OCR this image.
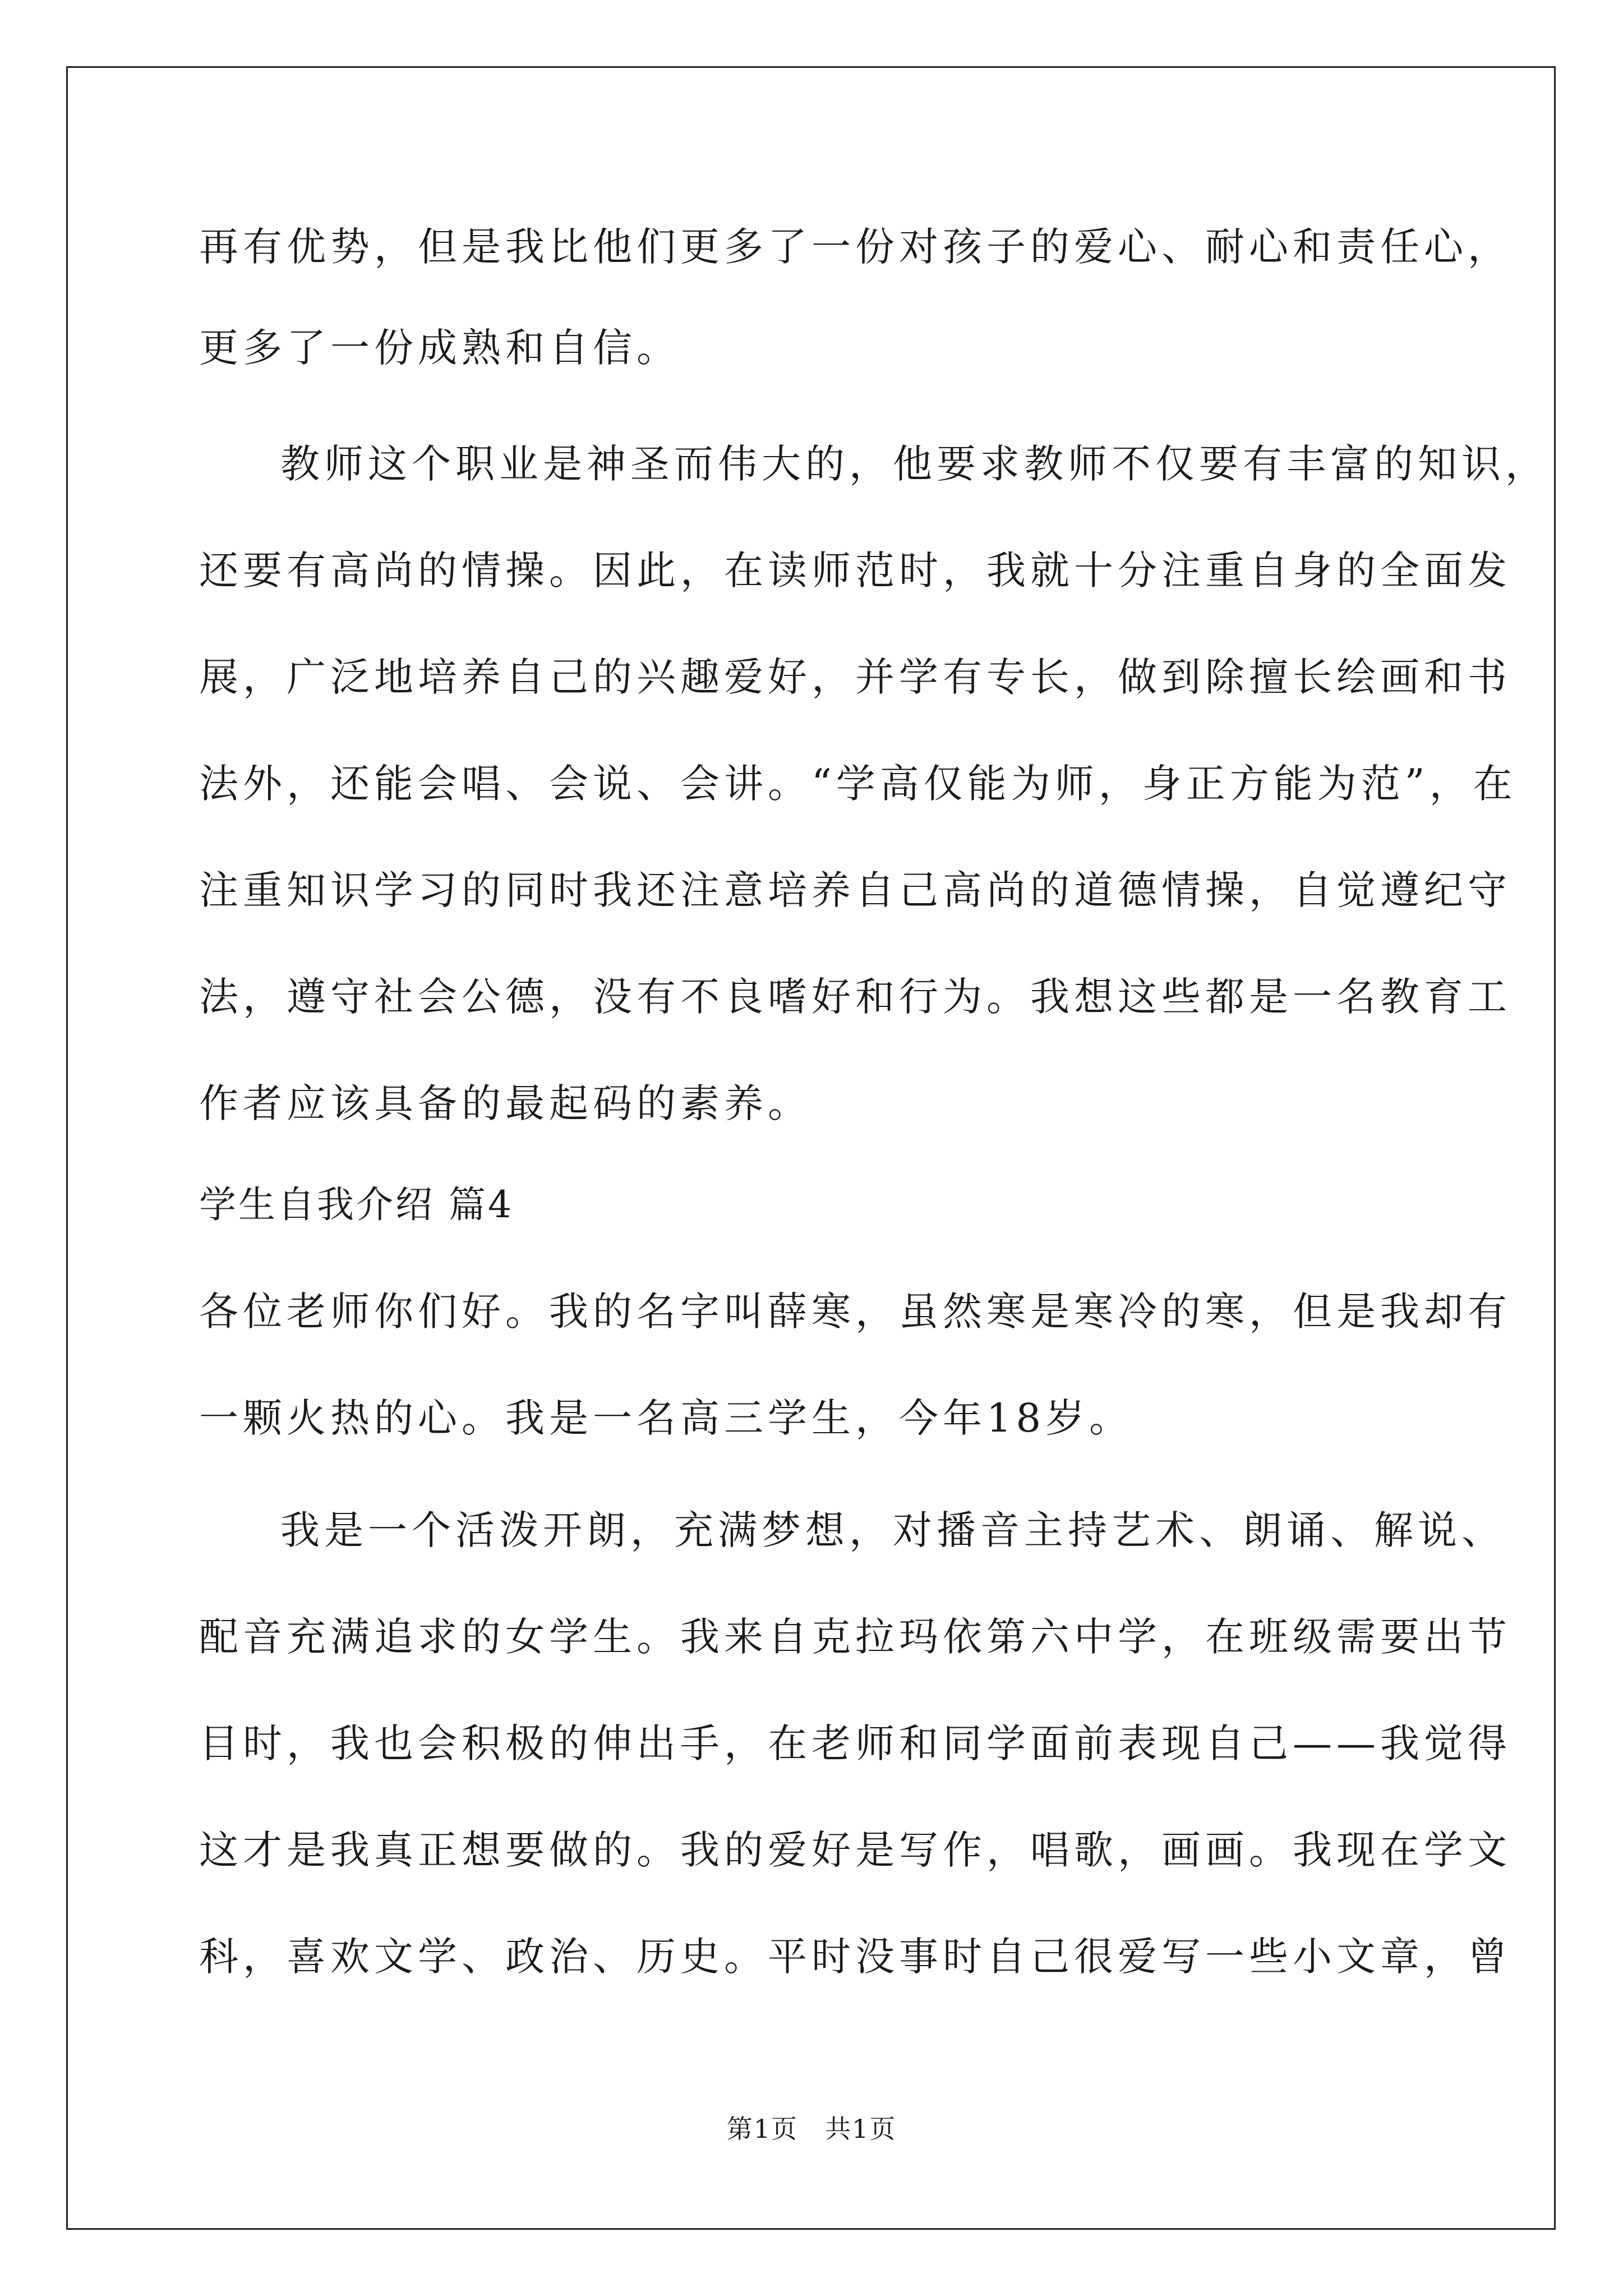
再有优势，但是我比他们更多了一份对孩子的爱心、耐心和责任心，
更多了一份成熟和自信。
教师这个职业是神圣而伟大的，他要求教师不仅要有丰富的知识，
还要有高尚的情操。因此，在读师范时，我就十分注重自身的全面发
展，广泛地培养自己的兴趣爱好，并学有专长，做到除擅长绘画和书
法外，还能会唱、会说、会讲。“学高仅能为师，身正方能为范”，在
注重知识学习的同时我还注意培养自己高尚的道德情操，自觉遵纪守
法，遵守社会公德，没有不良嗜好和行为。我想这些都是一名教育工
作者应该具备的最起码的素养。
学生自我介绍 篇4
各位老师你们好。我的名字叫薛寒，虽然寒是寒冷的寒，但是我却有
一颗火热的心。我是一名高三学生，今年18岁。
我是一个活泼开朗，充满梦想，对播音主持艺术、朗诵、解说、
配音充满追求的女学生。我来自克拉玛依第六中学，在班级需要出节
目时，我也会积极的伸出手，在老师和同学面前表现自己——我觉得
这才是我真正想要做的。我的爱好是写作，唱歌，画画。我现在学文
科，喜欢文学、政治、历史。平时没事时自己很爱写一些小文章，曾
第1页　共1页
